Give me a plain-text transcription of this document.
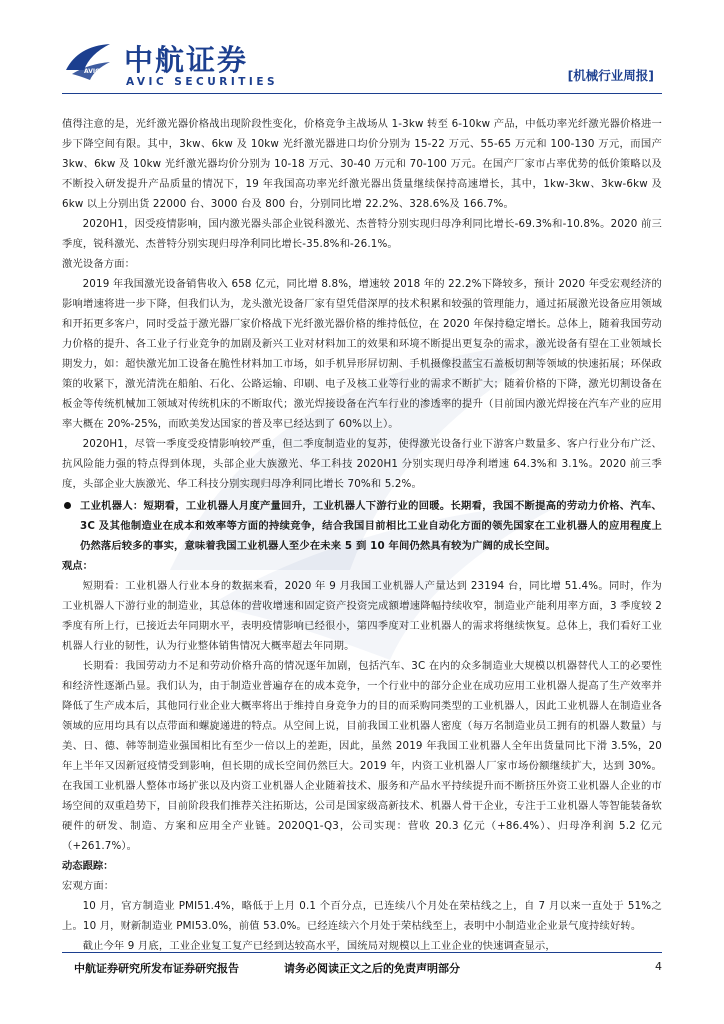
AVIC 中航证券
AVIC SECURITIES	[机械行业周报]

值得注意的是，光纤激光器价格战出现阶段性变化，价格竞争主战场从 1-3kw 转至 6-10kw 产品，中低功率光纤激光器价格进一步下降空间有限。其中，3kw、6kw 及 10kw 光纤激光器进口均价分别为 15-22 万元、55-65 万元和 100-130 万元，而国产 3kw、6kw 及 10kw 光纤激光器均价分别为 10-18 万元、30-40 万元和 70-100 万元。在国产厂家市占率优势的低价策略以及不断投入研发提升产品质量的情况下，19 年我国高功率光纤激光器出货量继续保持高速增长，其中，1kw-3kw、3kw-6kw 及 6kw 以上分别出货 22000 台、3000 台及 800 台，分别同比增 22.2%、328.6%及 166.7%。

2020H1，因受疫情影响，国内激光器头部企业锐科激光、杰普特分别实现归母净利同比增长-69.3%和-10.8%。2020 前三季度，锐科激光、杰普特分别实现归母净利同比增长-35.8%和-26.1%。

激光设备方面：

2019 年我国激光设备销售收入 658 亿元，同比增 8.8%，增速较 2018 年的 22.2%下降较多，预计 2020 年受宏观经济的影响增速将进一步下降，但我们认为，龙头激光设备厂家有望凭借深厚的技术积累和较强的管理能力，通过拓展激光设备应用领域和开拓更多客户，同时受益于激光器厂家价格战下光纤激光器价格的维持低位，在 2020 年保持稳定增长。总体上，随着我国劳动力价格的提升、各工业子行业竞争的加剧及新兴工业对材料加工的效果和环境不断提出更复杂的需求，激光设备有望在工业领域长期发力，如：超快激光加工设备在脆性材料加工市场，如手机异形屏切割、手机摄像投蓝宝石盖板切割等领域的快速拓展；环保政策的收紧下，激光清洗在船舶、石化、公路运输、印刷、电子及核工业等行业的需求不断扩大；随着价格的下降，激光切割设备在板金等传统机械加工领域对传统机床的不断取代；激光焊接设备在汽车行业的渗透率的提升（目前国内激光焊接在汽车产业的应用率大概在 20%-25%，而欧美发达国家的普及率已经达到了 60%以上）。

2020H1，尽管一季度受疫情影响较严重，但二季度制造业的复苏，使得激光设备行业下游客户数量多、客户行业分布广泛、抗风险能力强的特点得到体现，头部企业大族激光、华工科技 2020H1 分别实现归母净利增速 64.3%和 3.1%。2020 前三季度，头部企业大族激光、华工科技分别实现归母净利同比增长 70%和 5.2%。

工业机器人：短期看，工业机器人月度产量回升，工业机器人下游行业的回暖。长期看，我国不断提高的劳动力价格、汽车、3C 及其他制造业在成本和效率等方面的持续竞争，结合我国目前相比工业自动化方面的领先国家在工业机器人的应用程度上仍然落后较多的事实，意味着我国工业机器人至少在未来 5 到 10 年间仍然具有较为广阔的成长空间。

观点：

短期看：工业机器人行业本身的数据来看，2020 年 9 月我国工业机器人产量达到 23194 台，同比增 51.4%。同时，作为工业机器人下游行业的制造业，其总体的营收增速和固定资产投资完成额增速降幅持续收窄，制造业产能利用率方面，3 季度较 2 季度有所上行，已接近去年同期水平，表明疫情影响已经很小，第四季度对工业机器人的需求将继续恢复。总体上，我们看好工业机器人行业的韧性，认为行业整体销售情况大概率超去年同期。

长期看：我国劳动力不足和劳动价格升高的情况逐年加剧，包括汽车、3C 在内的众多制造业大规模以机器替代人工的必要性和经济性逐渐凸显。我们认为，由于制造业普遍存在的成本竞争，一个行业中的部分企业在成功应用工业机器人提高了生产效率并降低了生产成本后，其他同行业企业大概率将出于维持自身竞争力的目的而采购同类型的工业机器人，因此工业机器人在制造业各领域的应用均具有以点带面和螺旋递进的特点。从空间上说，目前我国工业机器人密度（每万名制造业员工拥有的机器人数量）与美、日、德、韩等制造业强国相比有至少一倍以上的差距，因此，虽然 2019 年我国工业机器人全年出货量同比下滑 3.5%，20 年上半年又因新冠疫情受到影响，但长期的成长空间仍然巨大。2019 年，内资工业机器人厂家市场份额继续扩大，达到 30%。在我国工业机器人整体市场扩张以及内资工业机器人企业随着技术、服务和产品水平持续提升而不断挤压外资工业机器人企业的市场空间的双重趋势下，目前阶段我们推荐关注拓斯达，公司是国家级高新技术、机器人骨干企业，专注于工业机器人等智能装备软硬件的研发、制造、方案和应用全产业链。2020Q1-Q3，公司实现：营收 20.3 亿元（+86.4%）、归母净利润 5.2 亿元（+261.7%）。

动态跟踪：

宏观方面：

10 月，官方制造业 PMI51.4%，略低于上月 0.1 个百分点，已连续八个月处在荣枯线之上，自 7 月以来一直处于 51%之上。10 月，财新制造业 PMI53.0%，前值 53.0%。已经连续六个月处于荣枯线至上，表明中小制造业企业景气度持续好转。

截止今年 9 月底，工业企业复工复产已经到达较高水平，国统局对规模以上工业企业的快速调查显示，

中航证券研究所发布证券研究报告	请务必阅读正文之后的免责声明部分	4
